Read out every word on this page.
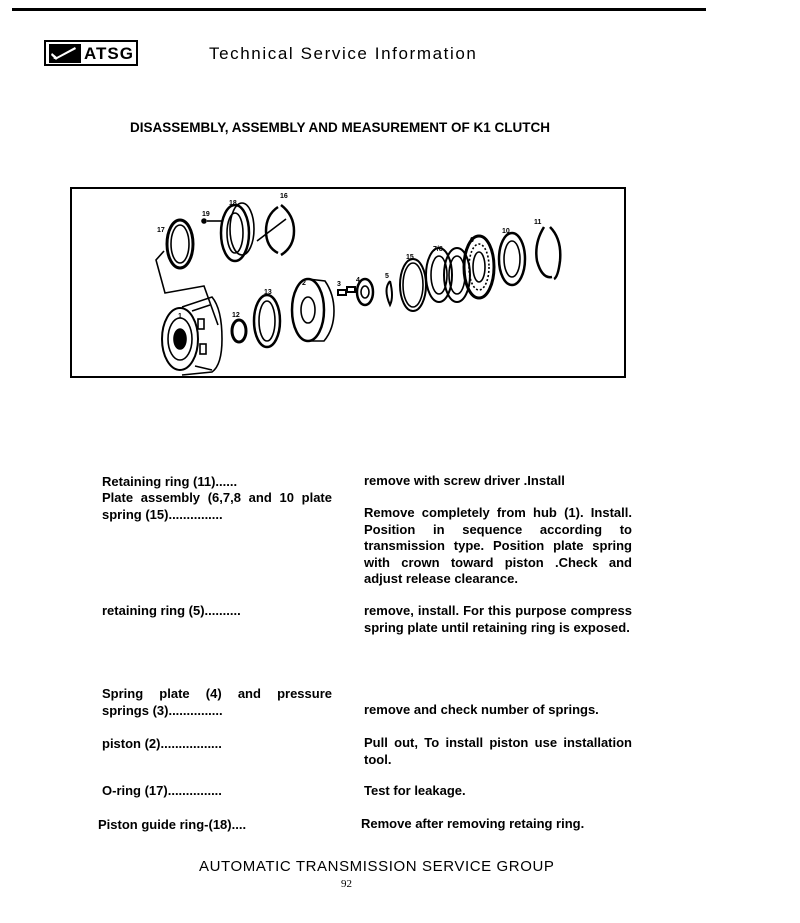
ATSG	Technical Service Information
DISASSEMBLY, ASSEMBLY AND MEASUREMENT OF K1 CLUTCH
1
2	3
4
5
6
7/8
10
11
12
13
15
16
17
18
19
Retaining ring (11)......	remove with screw driver .Install
Plate assembly (6,7,8 and 10 plate spring (15)...............	Remove completely from hub (1). Install. Position in sequence according to transmission type. Position plate spring with crown toward piston .Check and adjust release clearance.
retaining ring (5)..........	remove, install. For this purpose compress spring plate until retaining ring is exposed.
Spring plate (4) and pressure springs (3)...............	remove and check number of springs.
piston (2).................	Pull out, To install piston use installation tool.
O-ring (17)...............	Test for leakage.
Piston guide ring-(18)....	Remove after removing retaing ring.
AUTOMATIC TRANSMISSION SERVICE GROUP
92
